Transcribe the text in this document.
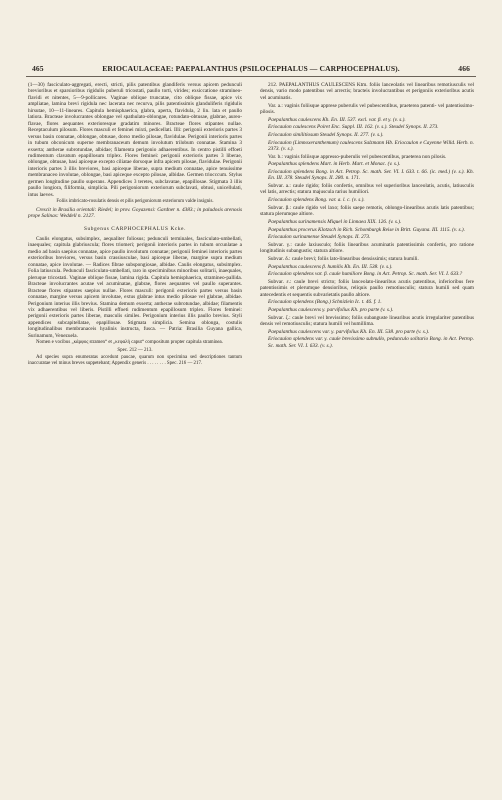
465	ERIOCAULACEAE: PAEPALANTHUS (PSILOCEPHALUS — CARPHOCEPHALUS).	466

(1—30) fasciculato-aggregati, erecti, stricti, pilis patentibus glandiferis versus apicem pedunculi brevioribus et sparsioribus rigidulis puberuli tricostati, paullo torti, virides; exsiccatione stramineo-flavidi et nitentes, 5—9-pollicares. Vaginae oblique truncatae, cito oblique fissae, apice vix ampliatae, lamina brevi rigidula nec lacerata nec recurva, pilis patentissimis glanduliferis rigidulis hirsutae, 10—11-lineares. Capitula hemisphaerica, glabra, aperta, flavidula, 2 lin. lata et paullo latiora. Bracteae involucrantes oblongae vel spathulato-oblongae, rotundato-obtusae, glabrae, aureo-flavae, flores aequantes exterioresque gradatim minores. Bracteae flores stipantes nullae. Receptaculum pilosum. Flores masculi et feminei mixti, pedicellati. Illi: perigonii exterioris partes 3 versus basin connatae, oblongae, obtusae, dorso medio pilosae, flavidulae. Perigonii interioris partes in tubum obconicum superne membranaceum demum involutum trilobum connatae. Stamina 3 exserta; antherae subrotundae, albidae; filamenta perigonio adhaerentibus. In centro pistilli effoeti rudimentum clavatum epapillosum triplex. Flores feminei: perigonii exterioris partes 3 liberae, oblongae, obtusae, basi apiceque excepto ciliatae dorsoque infra apicem pilosae, flavidulae. Perigonii interioris partes 3 illis breviores, basi apiceque liberae, supra medium connatae, apice tenuissime membranaceo involutae, oblongae, basi apiceque excepto pilosae, albidae. Germen triocccum. Stylus germen longitudine paullo superans. Appendices 3 teretes, subclavatae, epapillosae. Stigmata 3 illis paullo longiora, filiformia, simplicia. Pili perigoniorum exteriorum subclavati, obtusi, unicellulati, intus laeves.

Foliis imbricato-rosulatis densis et pilis perigoniorum exteriorum valde insignis.

Crescit in Brasilia orientali: Riedel; in prov. Goyazensi: Gardner n. 4383.; in paludosis arenosis prope Salinas: Weddell n. 2127.

Subgenus CARPHOCEPHALUS Kcke.

Caulis elongatus, subsimplex, aequaliter foliosus; pedunculi terminales, fasciculato-umbellati, inaequales; capitula glabriuscula; flores triomeri; perigonii interioris partes in tubum orcunlatae a medio ad basin saepius connatae, apice paullo involutum connatae; perigonii feminei interioris partes exterioribus breviores, versus basin crassiusculae, basi apiceque liberae, margine supra medium connatae, apice involutae. — Radices fibrae subspongiosae, albidae. Caulis elongatus, subsimplex. Folia latiuscula. Pedunculi fasciculato-umbellati, raro in speciminibus minoribus solitarii, inaequales, pleruque tricostati. Vaginae oblique fissae, lamina rigida. Capitula hemisphaerica, stramineo-pallida. Bracteae involucrantes acutae vel acuminatae, glabrae, flores aequantes vel paullo superantes. Bracteae flores stipantes saepius nullae. Flores masculi: perigonii exterioris partes versus basin connatae, margine versus apicem involutae, extus glabrae intus medio pilosae vel glabrae, albidae. Perigonium interius illis brevius. Stamina demum exserta; antherae subrotundae, albidae; filamentis vix adhaerentibus vel liberis. Pistilli effoeti rudimentum epapillosum triplex. Flores feminei: perigonii exterioris partes liberae, masculis similes. Perigonium interius illis paullo brevius. Styli appendices subcapitellatae, epapillosae. Stigmata simplicia. Semina oblonga, costulis longitudinalibus membranaceis hyalinis instructa, fusca. — Patria: Brasilia Guyana gallica, Surinamum, Venezuela.

Nomen e vocibus „κάρφος stramen“ et „κεφαλή caput“ compositum propter capitula straminea.

Spec. 212 — 213.

Ad species supra enumeratas accedunt paucae, quarum non specimina sed descriptiones tantum inaccuratae vel minus breves suppetebant; Appendix generis . . . . . . . . Spec. 216 — 217.

212. PAEPALANTHUS CAULESCENS Ktm. foliis lanceolatis vel linearibus remotiusculis vel densis, vario modo patentibus vel arrectis; bracteis involucrantibus et perigoniis exterioribus acutis vel acuminatis.

Var. a.: vaginis foliisque apprese puberulis vel pubescentibus, praeterea patenti- vel patentissimo-pilosis.

Paepalanthus caulescens Kh. En. III. 537. excl. var. β. et γ. (v. s.).

Eriocaulon caulescens Poiret Enc. Suppl. III. 162. (v. s.). Steudel Synops. II. 273.

Eriocaulon similitiosum Steudel Synops. II. 277. (v. s.).

Eriocaulon (Limnoxeranthemum) caulescens Salzmann Hb. Eriocaulon e Cayenne Willd. Herb. n. 2373. (v. s.).

Var. b.: vaginis foliisque appresso-puberulis vel pubescentibus, praeterea non pilosis.

Paepalanthus splendens Mart. in Herb. Mart. et Monac. (v. s.).

Eriocaulon splendens Bong. in Act. Petrop. Sc. math. Ser. VI. I. 633. t. 66. (ic. med.) (v. s.). Kh. En. III. 378. Steudel Synops. II. 280. n. 171.

Subvar. a.: caule rigido; foliis confertis, omnibus vel superioribus lanceolatis, acutis, latiusculis vel latis, arrectis; statura majuscula rarius humiliori.

Eriocaulon splendens Bong. var. a. l. c. (v. s.).

Subvar. β.: caule rigido vel laxo; foliis saepe remotis, oblongo-linearibus acutis latis patentibus; statura plerumque altiore.

Paepalanthus surinamensis Miquel in Linnaea XIX. 126. (v. s.).

Paepalanthus procerus Klotzsch in Rich. Schomburgk Reise in Britt. Guyana. III. 1115. (v. s.).

Eriocaulon surinamense Steudel Synops. II. 273.

Subvar. γ.: caule laxiusculo; foliis linearibus acuminatis patentissimis confertis, pro ratione longitudinis subangustis; statura altiore.

Subvar. δ.: caule brevi; foliis lato-linearibus densissimis; statura humili.

Paepalanthus caulescens β. humilis Kh. En. III. 538. (v. s.).

Eriocaulon splendens var. β. caule humiliore Bong. in Act. Petrop. Sc. math. Ser. VI. I. 633.?

Subvar. ε.: caule brevi stricto; foliis lanceolato-linearibus acutis patentibus, inferioribus fere patentissimis et plerumque densioribus, reliquis paullo remotiusculis; statura humili sed quam antecedentis et sequentis subvarietatis paullo altiore.

Eriocaulon splendens (Bong.) Schnizlein Ic. t. 46. f. 1.

Paepalanthus caulescens γ. parvifolius Kh. pro parte (v. s.).

Subvar. ζ.: caule brevi vel brevissimo; foliis subangustе linearibus acutis irregulariter patentibus densis vel remotiusculis; statura humili vel humillima.

Paepalanthus caulescens var. γ. parvifolius Kh. En. III. 538. pro parte (v. s.).

Eriocaulon splendens var. γ. caule brevissimo subnullo, pedunculo solitario Bong. in Act. Petrop. Sc. math. Ser. VI. I. 633. (v. s.).
